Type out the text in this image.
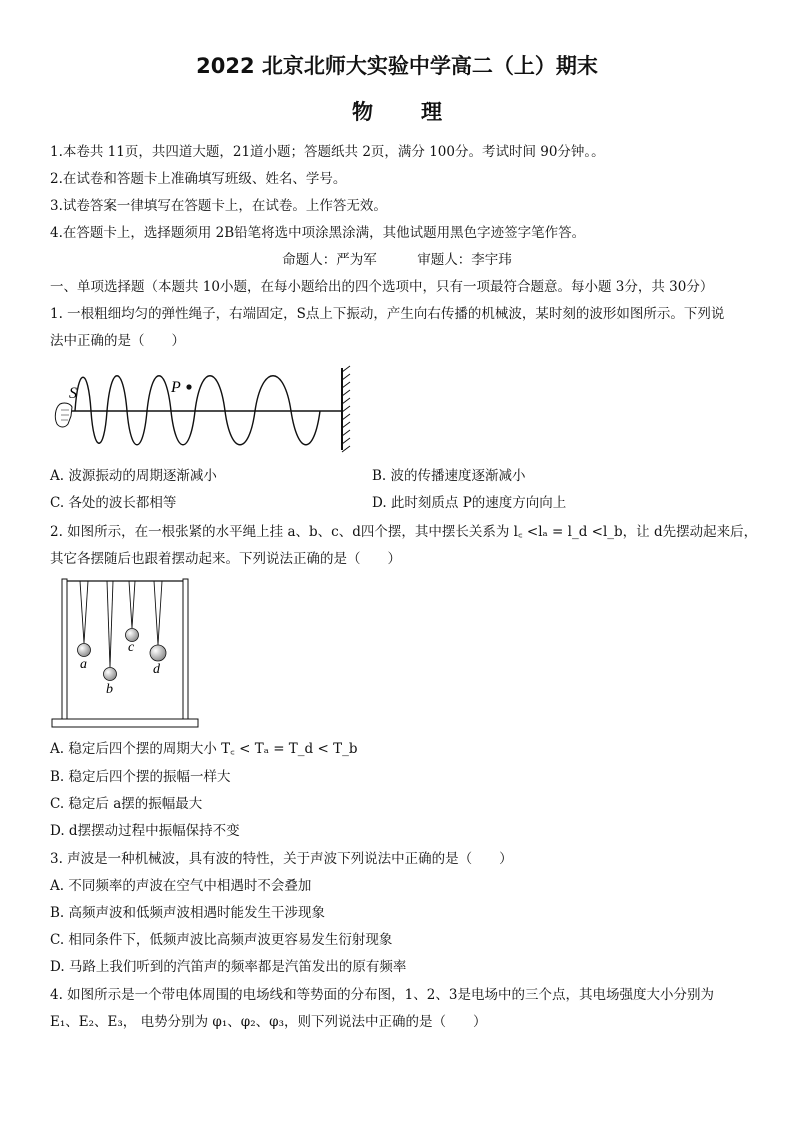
2022 北京北师大实验中学高二（上）期末
物理
1.本卷共 11页，共四道大题，21道小题；答题纸共 2页，满分 100分。考试时间 90分钟。。
2.在试卷和答题卡上准确填写班级、姓名、学号。
3.试卷答案一律填写在答题卡上，在试卷。上作答无效。
4.在答题卡上，选择题须用 2B铅笔将选中项涂黑涂满，其他试题用黑色字迹签字笔作答。
命题人：严为军　　　审题人：李宇玮
一、单项选择题（本题共 10小题，在每小题给出的四个选项中，只有一项最符合题意。每小题 3分，共 30分）
1. 一根粗细均匀的弹性绳子，右端固定，S点上下振动，产生向右传播的机械波，某时刻的波形如图所示。下列说
法中正确的是（　　）
S	P
A. 波源振动的周期逐渐减小	B. 波的传播速度逐渐减小
C. 各处的波长都相等	D. 此时刻质点 P的速度方向向上
2. 如图所示，在一根张紧的水平绳上挂 a、b、c、d四个摆，其中摆长关系为 l꜀ <lₐ = l_d <l_b，让 d先摆动起来后，
其它各摆随后也跟着摆动起来。下列说法正确的是（　　）
a
b
c
d
A. 稳定后四个摆的周期大小 T꜀ < Tₐ = T_d < T_b
B. 稳定后四个摆的振幅一样大
C. 稳定后 a摆的振幅最大
D. d摆摆动过程中振幅保持不变
3. 声波是一种机械波，具有波的特性，关于声波下列说法中正确的是（　　）
A. 不同频率的声波在空气中相遇时不会叠加
B. 高频声波和低频声波相遇时能发生干涉现象
C. 相同条件下，低频声波比高频声波更容易发生衍射现象
D. 马路上我们听到的汽笛声的频率都是汽笛发出的原有频率
4. 如图所示是一个带电体周围的电场线和等势面的分布图，1、2、3是电场中的三个点，其电场强度大小分别为
E₁、E₂、E₃， 电势分别为 φ₁、φ₂、φ₃，则下列说法中正确的是（　　）
